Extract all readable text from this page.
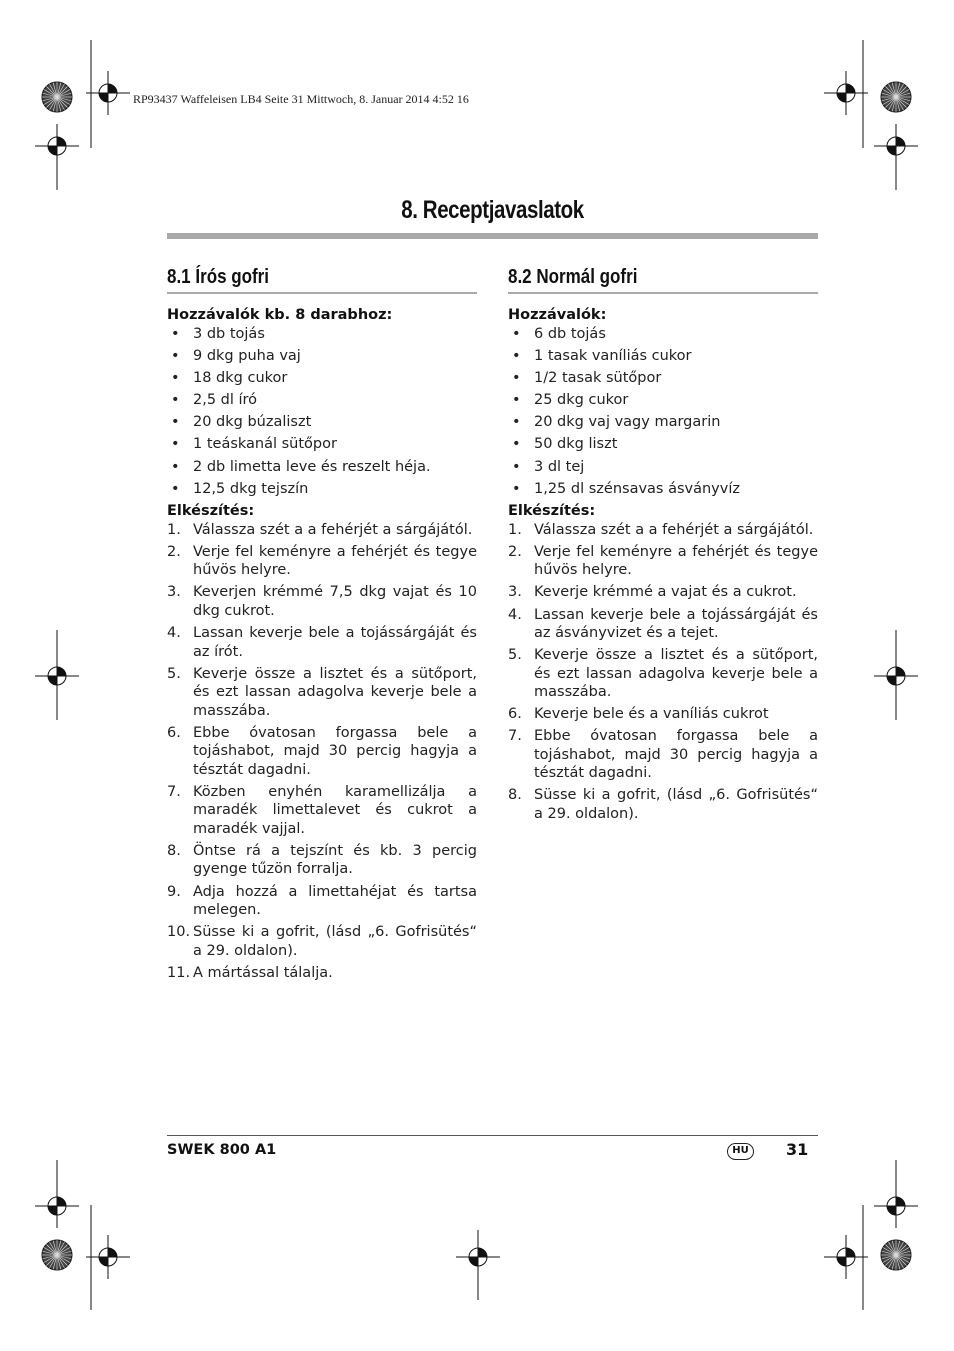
RP93437 Waffeleisen LB4 Seite 31 Mittwoch, 8. Januar 2014 4:52 16
8. Receptjavaslatok
8.1 Írós gofri

Hozzávalók kb. 8 darabhoz:

• 3 db tojás
• 9 dkg puha vaj
• 18 dkg cukor
• 2,5 dl író
• 20 dkg búzaliszt
• 1 teáskanál sütőpor
• 2 db limetta leve és reszelt héja.
• 12,5 dkg tejszín

Elkészítés:

1. Válassza szét a a fehérjét a sárgájától.
2. Verje fel keményre a fehérjét és tegye hűvös helyre.
3. Keverjen krémmé 7,5 dkg vajat és 10 dkg cukrot.
4. Lassan keverje bele a tojássárgáját és az írót.
5. Keverje össze a lisztet és a sütőport, és ezt lassan adagolva keverje bele a masszába.
6. Ebbe óvatosan forgassa bele a tojáshabot, majd 30 percig hagyja a tésztát dagadni.
7. Közben enyhén karamellizálja a maradék limettalevet és cukrot a maradék vajjal.
8. Öntse rá a tejszínt és kb. 3 percig gyenge tűzön forralja.
9. Adja hozzá a limettahéjat és tartsa melegen.
10. Süsse ki a gofrit, (lásd „6. Gofrisütés“ a 29. oldalon).
11. A mártással tálalja.
8.2 Normál gofri

Hozzávalók:

• 6 db tojás
• 1 tasak vaníliás cukor
• 1/2 tasak sütőpor
• 25 dkg cukor
• 20 dkg vaj vagy margarin
• 50 dkg liszt
• 3 dl tej
• 1,25 dl szénsavas ásványvíz

Elkészítés:

1. Válassza szét a a fehérjét a sárgájától.
2. Verje fel keményre a fehérjét és tegye hűvös helyre.
3. Keverje krémmé a vajat és a cukrot.
4. Lassan keverje bele a tojássárgáját és az ásványvizet és a tejet.
5. Keverje össze a lisztet és a sütőport, és ezt lassan adagolva keverje bele a masszába.
6. Keverje bele és a vaníliás cukrot
7. Ebbe óvatosan forgassa bele a tojáshabot, majd 30 percig hagyja a tésztát dagadni.
8. Süsse ki a gofrit, (lásd „6. Gofrisütés“ a 29. oldalon).
SWEK 800 A1	HU	31
